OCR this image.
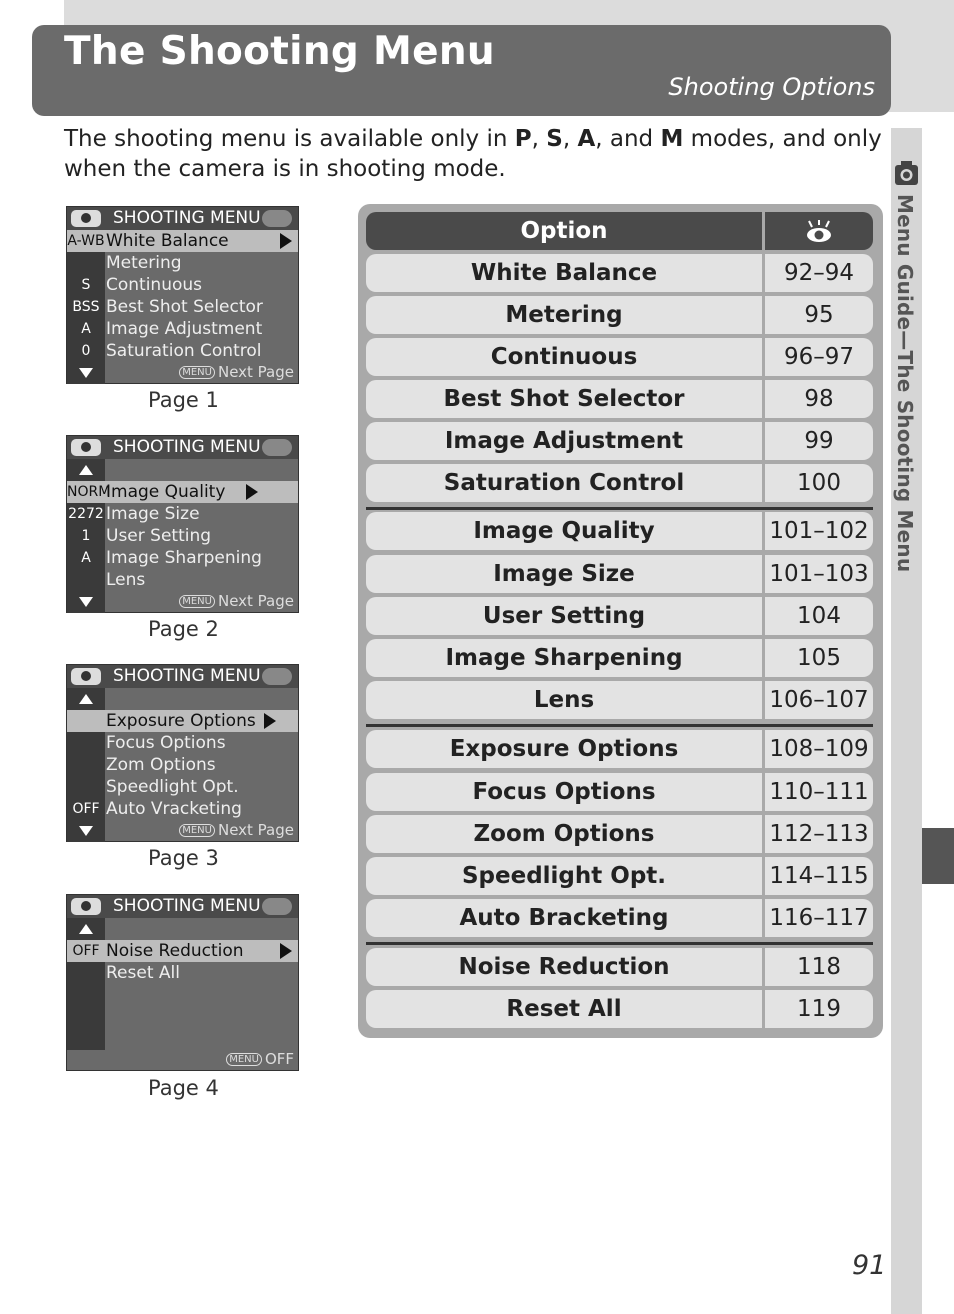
The Shooting Menu
Shooting Options
Menu Guide—The Shooting Menu
The shooting menu is available only in P, S, A, and M modes, and only when the camera is in shooting mode.
SHOOTING MENU
A-WB White Balance
Metering
S Continuous
BSS Best Shot Selector
A Image Adjustment
0 Saturation Control
MENU Next Page
Page 1
SHOOTING MENU
NORM
Image Quality
2272 Image Size
1 User Setting
A Image Sharpening
Lens
MENU Next Page
Page 2
SHOOTING MENU
Exposure Options
Focus Options
Zom Options
Speedlight Opt.
OFF Auto Vracketing
MENU Next Page
Page 3
SHOOTING MENU
OFF Noise Reduction
Reset All
MENU OFF
Page 4
Option
White Balance	92–94
Metering	95
Continuous	96–97
Best Shot Selector	98
Image Adjustment	99
Saturation Control	100
Image Quality	101–102
Image Size	101–103
User Setting	104
Image Sharpening	105
Lens	106–107
Exposure Options	108–109
Focus Options	110–111
Zoom Options	112–113
Speedlight Opt.	114–115
Auto Bracketing	116–117
Noise Reduction	118
Reset All	119
91
